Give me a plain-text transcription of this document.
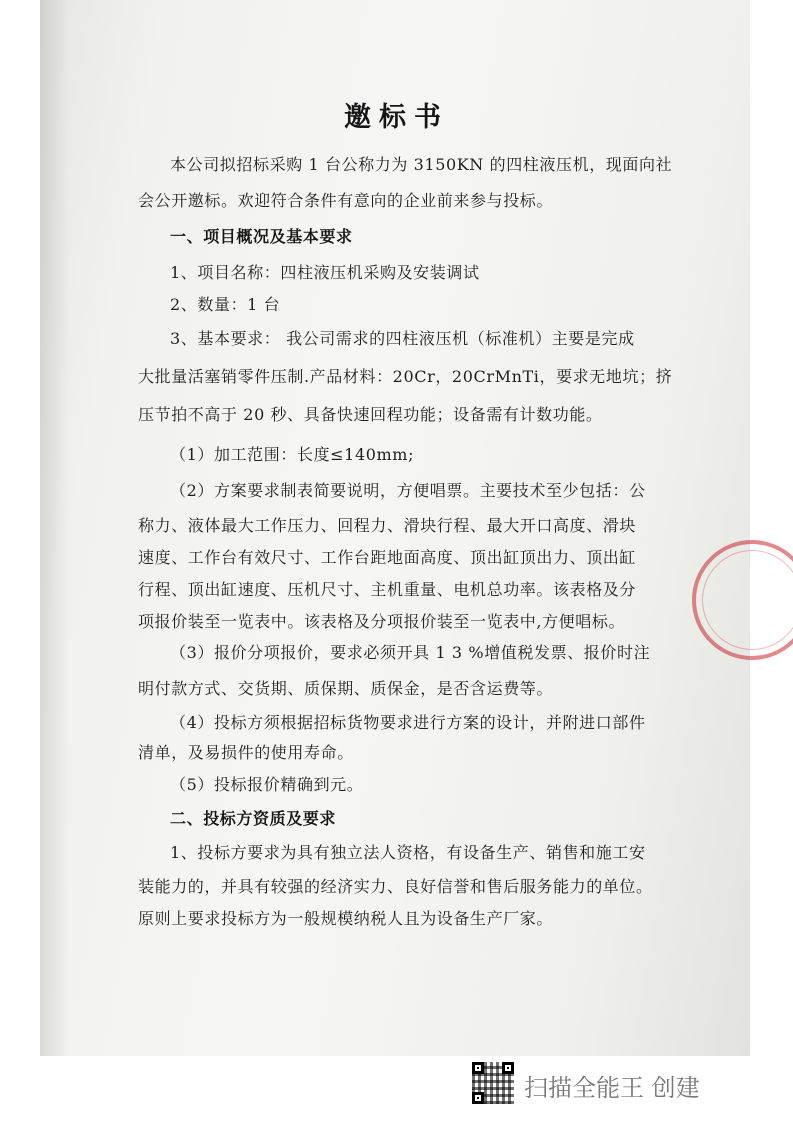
邀标书
本公司拟招标采购 1 台公称力为 3150KN 的四柱液压机，现面向社
会公开邀标。欢迎符合条件有意向的企业前来参与投标。
一、项目概况及基本要求
1、项目名称：四柱液压机采购及安装调试
2、数量：1 台
3、基本要求： 我公司需求的四柱液压机（标准机）主要是完成
大批量活塞销零件压制.产品材料：20Cr，20CrMnTi，要求无地坑；挤
压节拍不高于 20 秒、具备快速回程功能；设备需有计数功能。
（1）加工范围：长度≤140mm;
（2）方案要求制表简要说明，方便唱票。主要技术至少包括：公
称力、液体最大工作压力、回程力、滑块行程、最大开口高度、滑块
速度、工作台有效尺寸、工作台距地面高度、顶出缸顶出力、顶出缸
行程、顶出缸速度、压机尺寸、主机重量、电机总功率。该表格及分
项报价装至一览表中。该表格及分项报价装至一览表中,方便唱标。
（3）报价分项报价，要求必须开具 1 3 %增值税发票、报价时注
明付款方式、交货期、质保期、质保金，是否含运费等。
（4）投标方须根据招标货物要求进行方案的设计，并附进口部件
清单，及易损件的使用寿命。
（5）投标报价精确到元。
二、投标方资质及要求
1、投标方要求为具有独立法人资格，有设备生产、销售和施工安
装能力的，并具有较强的经济实力、良好信誉和售后服务能力的单位。
原则上要求投标方为一般规模纳税人且为设备生产厂家。
扫描全能王 创建
